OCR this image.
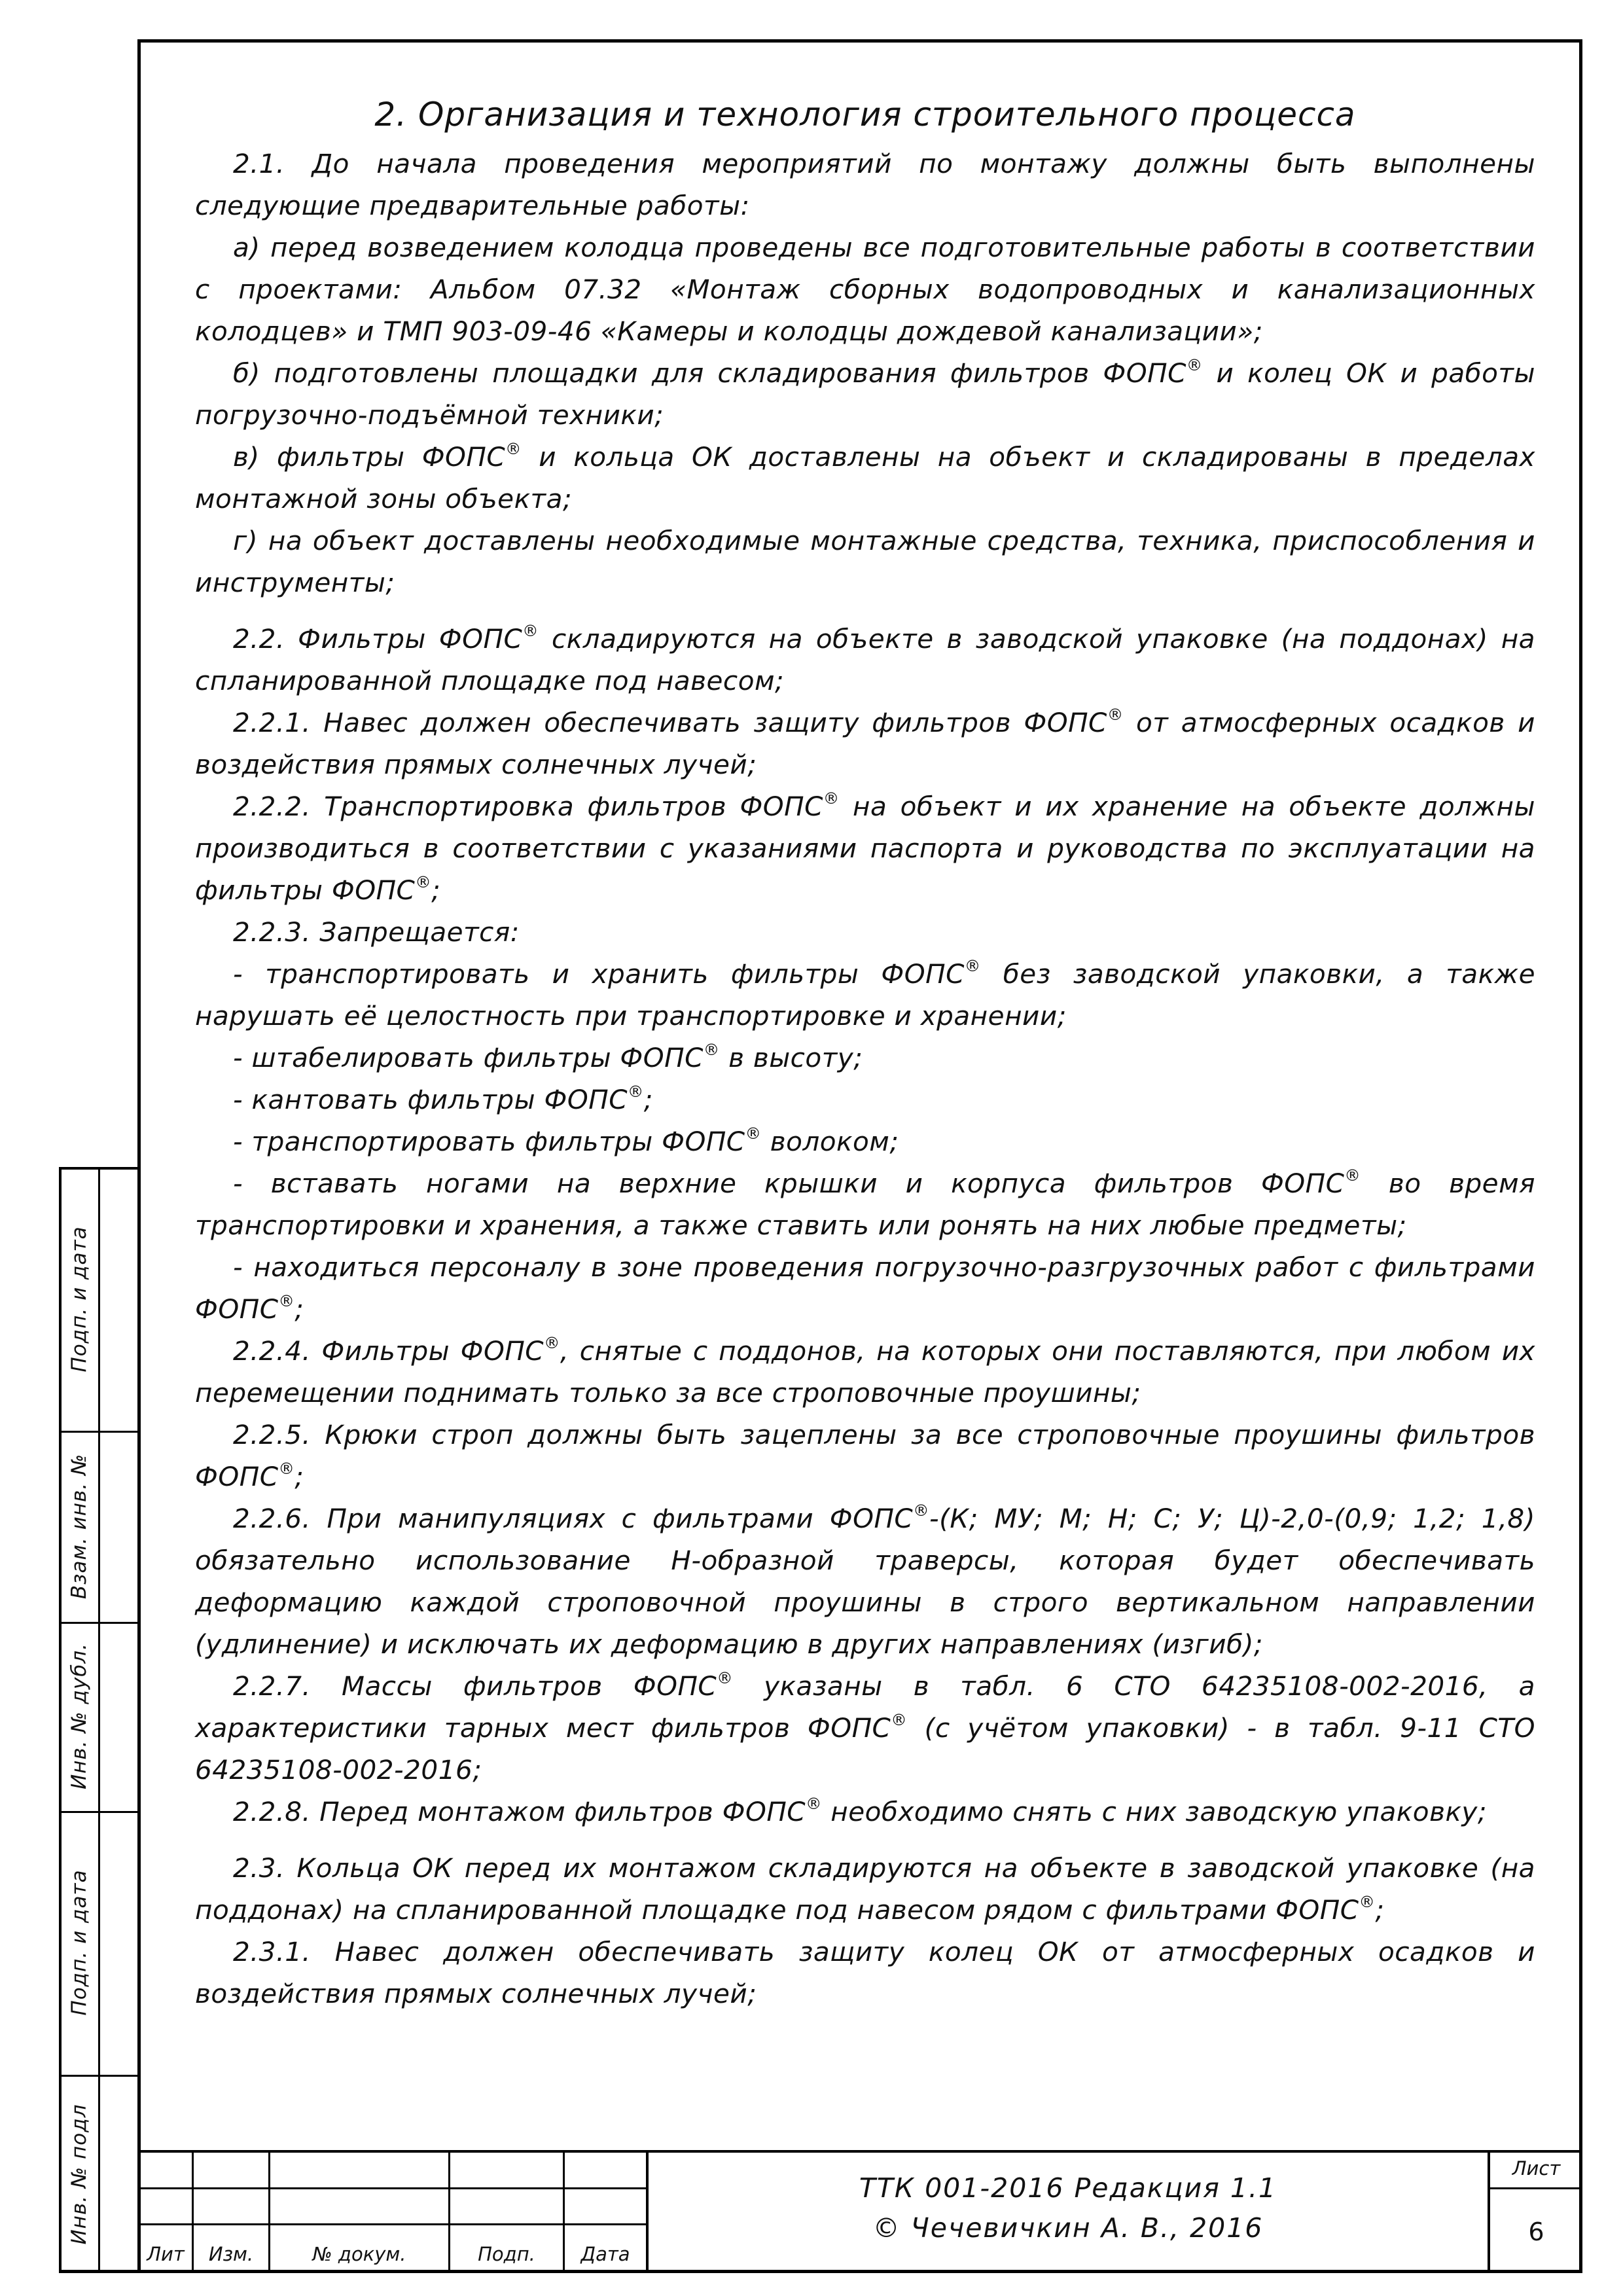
Подп. и дата
Взам. инв. №
Инв. № дубл.
Подп. и дата
Инв. № подл
2. Организация и технология строительного процесса

2.1. До начала проведения мероприятий по монтажу должны быть выполнены следующие предварительные работы:

а) перед возведением колодца проведены все подготовительные работы в соответствии с проектами: Альбом 07.32 «Монтаж сборных водопроводных и канализационных колодцев» и ТМП 903-09-46 «Камеры и колодцы дождевой канализации»;

б) подготовлены площадки для складирования фильтров ФОПС® и колец ОК и работы погрузочно-подъёмной техники;

в) фильтры ФОПС® и кольца ОК доставлены на объект и складированы в пределах монтажной зоны объекта;

г) на объект доставлены необходимые монтажные средства, техника, приспособления и инструменты;

2.2. Фильтры ФОПС® складируются на объекте в заводской упаковке (на поддонах) на спланированной площадке под навесом;

2.2.1. Навес должен обеспечивать защиту фильтров ФОПС® от атмосферных осадков и воздействия прямых солнечных лучей;

2.2.2. Транспортировка фильтров ФОПС® на объект и их хранение на объекте должны производиться в соответствии с указаниями паспорта и руководства по эксплуатации на фильтры ФОПС®;

2.2.3. Запрещается:

- транспортировать и хранить фильтры ФОПС® без заводской упаковки, а также нарушать её целостность при транспортировке и хранении;

- штабелировать фильтры ФОПС® в высоту;

- кантовать фильтры ФОПС®;

- транспортировать фильтры ФОПС® волоком;

- вставать ногами на верхние крышки и корпуса фильтров ФОПС® во время транспортировки и хранения, а также ставить или ронять на них любые предметы;

- находиться персоналу в зоне проведения погрузочно-разгрузочных работ с фильтрами ФОПС®;

2.2.4. Фильтры ФОПС®, снятые с поддонов, на которых они поставляются, при любом их перемещении поднимать только за все строповочные проушины;

2.2.5. Крюки строп должны быть зацеплены за все строповочные проушины фильтров ФОПС®;

2.2.6. При манипуляциях с фильтрами ФОПС®-(К; МУ; М; Н; С; У; Ц)-2,0-(0,9; 1,2; 1,8) обязательно использование Н-образной траверсы, которая будет обеспечивать деформацию каждой строповочной проушины в строго вертикальном направлении (удлинение) и исключать их деформацию в других направлениях (изгиб);

2.2.7. Массы фильтров ФОПС® указаны в табл. 6 СТО 64235108-002-2016, а характеристики тарных мест фильтров ФОПС® (с учётом упаковки) - в табл. 9-11 СТО 64235108-002-2016;

2.2.8. Перед монтажом фильтров ФОПС® необходимо снять с них заводскую упаковку;

2.3. Кольца ОК перед их монтажом складируются на объекте в заводской упаковке (на поддонах) на спланированной площадке под навесом рядом с фильтрами ФОПС®;

2.3.1. Навес должен обеспечивать защиту колец ОК от атмосферных осадков и воздействия прямых солнечных лучей;

Лит	Изм.	№ докум.	Подп.	Дата
ТТК 001-2016 Редакция 1.1
© Чечевичкин А. В., 2016
Лист
6
